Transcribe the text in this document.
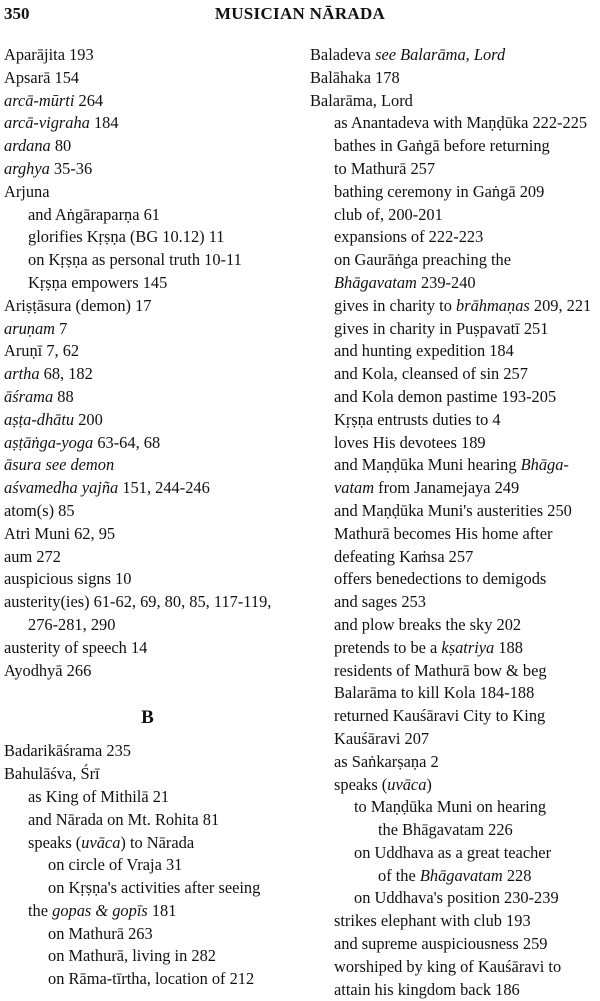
350	MUSICIAN NĀRADA
Aparājita 193
Apsarā 154
arcā-mūrti 264
arcā-vigraha 184
ardana 80
arghya 35-36
Arjuna
and Aṅgāraparṇa 61
glorifies Kṛṣṇa (BG 10.12) 11
on Kṛṣṇa as personal truth 10-11
Kṛṣṇa empowers 145
Ariṣṭāsura (demon) 17
aruṇam 7
Aruṇī 7, 62
artha 68, 182
āśrama 88
aṣṭa-dhātu 200
aṣṭāṅga-yoga 63-64, 68
āsura see demon
aśvamedha yajña 151, 244-246
atom(s) 85
Atri Muni 62, 95
aum 272
auspicious signs 10
austerity(ies) 61-62, 69, 80, 85, 117-119,
276-281, 290
austerity of speech 14
Ayodhyā 266
B
Badarikāśrama 235
Bahulāśva, Śrī
as King of Mithilā 21
and Nārada on Mt. Rohita 81
speaks (uvāca) to Nārada
on circle of Vraja 31
on Kṛṣṇa's activities after seeing
the gopas & gopīs 181
on Mathurā 263
on Mathurā, living in 282
on Rāma-tīrtha, location of 212
Baladeva see Balarāma, Lord
Balāhaka 178
Balarāma, Lord
as Anantadeva with Maṇḍūka 222-225
bathes in Gaṅgā before returning
to Mathurā 257
bathing ceremony in Gaṅgā 209
club of, 200-201
expansions of 222-223
on Gaurāṅga preaching the
Bhāgavatam 239-240
gives in charity to brāhmaṇas 209, 221
gives in charity in Puṣpavatī 251
and hunting expedition 184
and Kola, cleansed of sin 257
and Kola demon pastime 193-205
Kṛṣṇa entrusts duties to 4
loves His devotees 189
and Maṇḍūka Muni hearing Bhāga-
vatam from Janamejaya 249
and Maṇḍūka Muni's austerities 250
Mathurā becomes His home after
defeating Kaṁsa 257
offers benedections to demigods
and sages 253
and plow breaks the sky 202
pretends to be a kṣatriya 188
residents of Mathurā bow & beg
Balarāma to kill Kola 184-188
returned Kauśāravi City to King
Kauśāravi 207
as Saṅkarṣaṇa 2
speaks (uvāca)
to Maṇḍūka Muni on hearing
the Bhāgavatam 226
on Uddhava as a great teacher
of the Bhāgavatam 228
on Uddhava's position 230-239
strikes elephant with club 193
and supreme auspiciousness 259
worshiped by king of Kauśāravi to
attain his kingdom back 186
